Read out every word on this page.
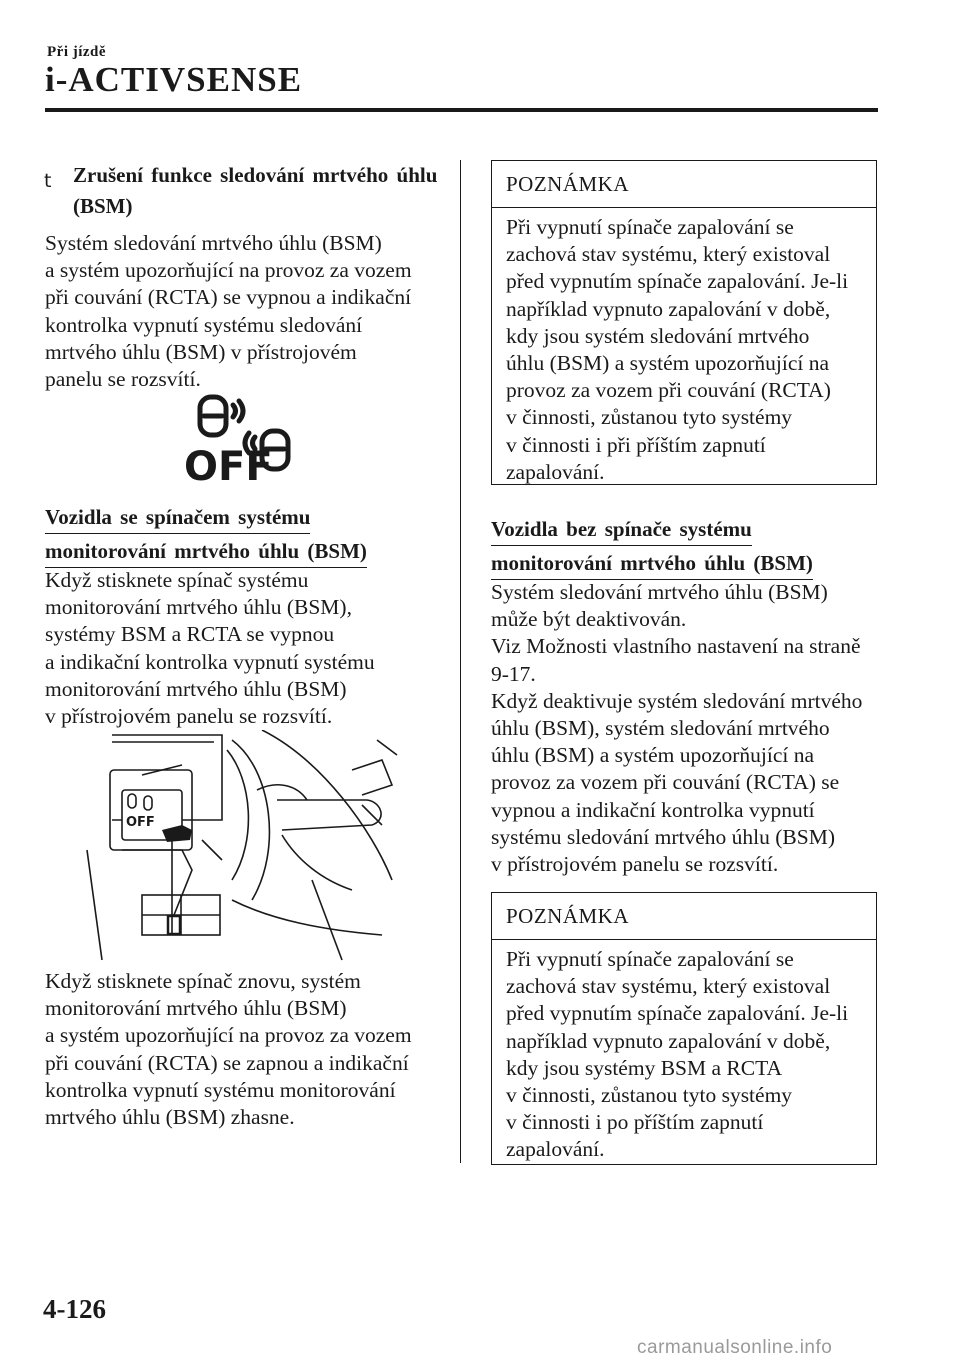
Při jízdě
i-ACTIVSENSE
t Zrušení funkce sledování mrtvého úhlu (BSM)
Systém sledování mrtvého úhlu (BSM)
a systém upozorňující na provoz za vozem
při couvání (RCTA) se vypnou a indikační
kontrolka vypnutí systému sledování
mrtvého úhlu (BSM) v přístrojovém
panelu se rozsvítí.
OFF
Vozidla se spínačem systému
monitorování mrtvého úhlu (BSM)
Když stisknete spínač systému
monitorování mrtvého úhlu (BSM),
systémy BSM a RCTA se vypnou
a indikační kontrolka vypnutí systému
monitorování mrtvého úhlu (BSM)
v přístrojovém panelu se rozsvítí.
OFF
Když stisknete spínač znovu, systém
monitorování mrtvého úhlu (BSM)
a systém upozorňující na provoz za vozem
při couvání (RCTA) se zapnou a indikační
kontrolka vypnutí systému monitorování
mrtvého úhlu (BSM) zhasne.
POZNÁMKA
Při vypnutí spínače zapalování se
zachová stav systému, který existoval
před vypnutím spínače zapalování. Je-li
například vypnuto zapalování v době,
kdy jsou systém sledování mrtvého
úhlu (BSM) a systém upozorňující na
provoz za vozem při couvání (RCTA)
v činnosti, zůstanou tyto systémy
v činnosti i při příštím zapnutí
zapalování.
Vozidla bez spínače systému
monitorování mrtvého úhlu (BSM)
Systém sledování mrtvého úhlu (BSM)
může být deaktivován.
Viz Možnosti vlastního nastavení na straně
9-17.
Když deaktivuje systém sledování mrtvého
úhlu (BSM), systém sledování mrtvého
úhlu (BSM) a systém upozorňující na
provoz za vozem při couvání (RCTA) se
vypnou a indikační kontrolka vypnutí
systému sledování mrtvého úhlu (BSM)
v přístrojovém panelu se rozsvítí.
POZNÁMKA
Při vypnutí spínače zapalování se
zachová stav systému, který existoval
před vypnutím spínače zapalování. Je-li
například vypnuto zapalování v době,
kdy jsou systémy BSM a RCTA
v činnosti, zůstanou tyto systémy
v činnosti i po příštím zapnutí
zapalování.
4-126
carmanualsonline.info
